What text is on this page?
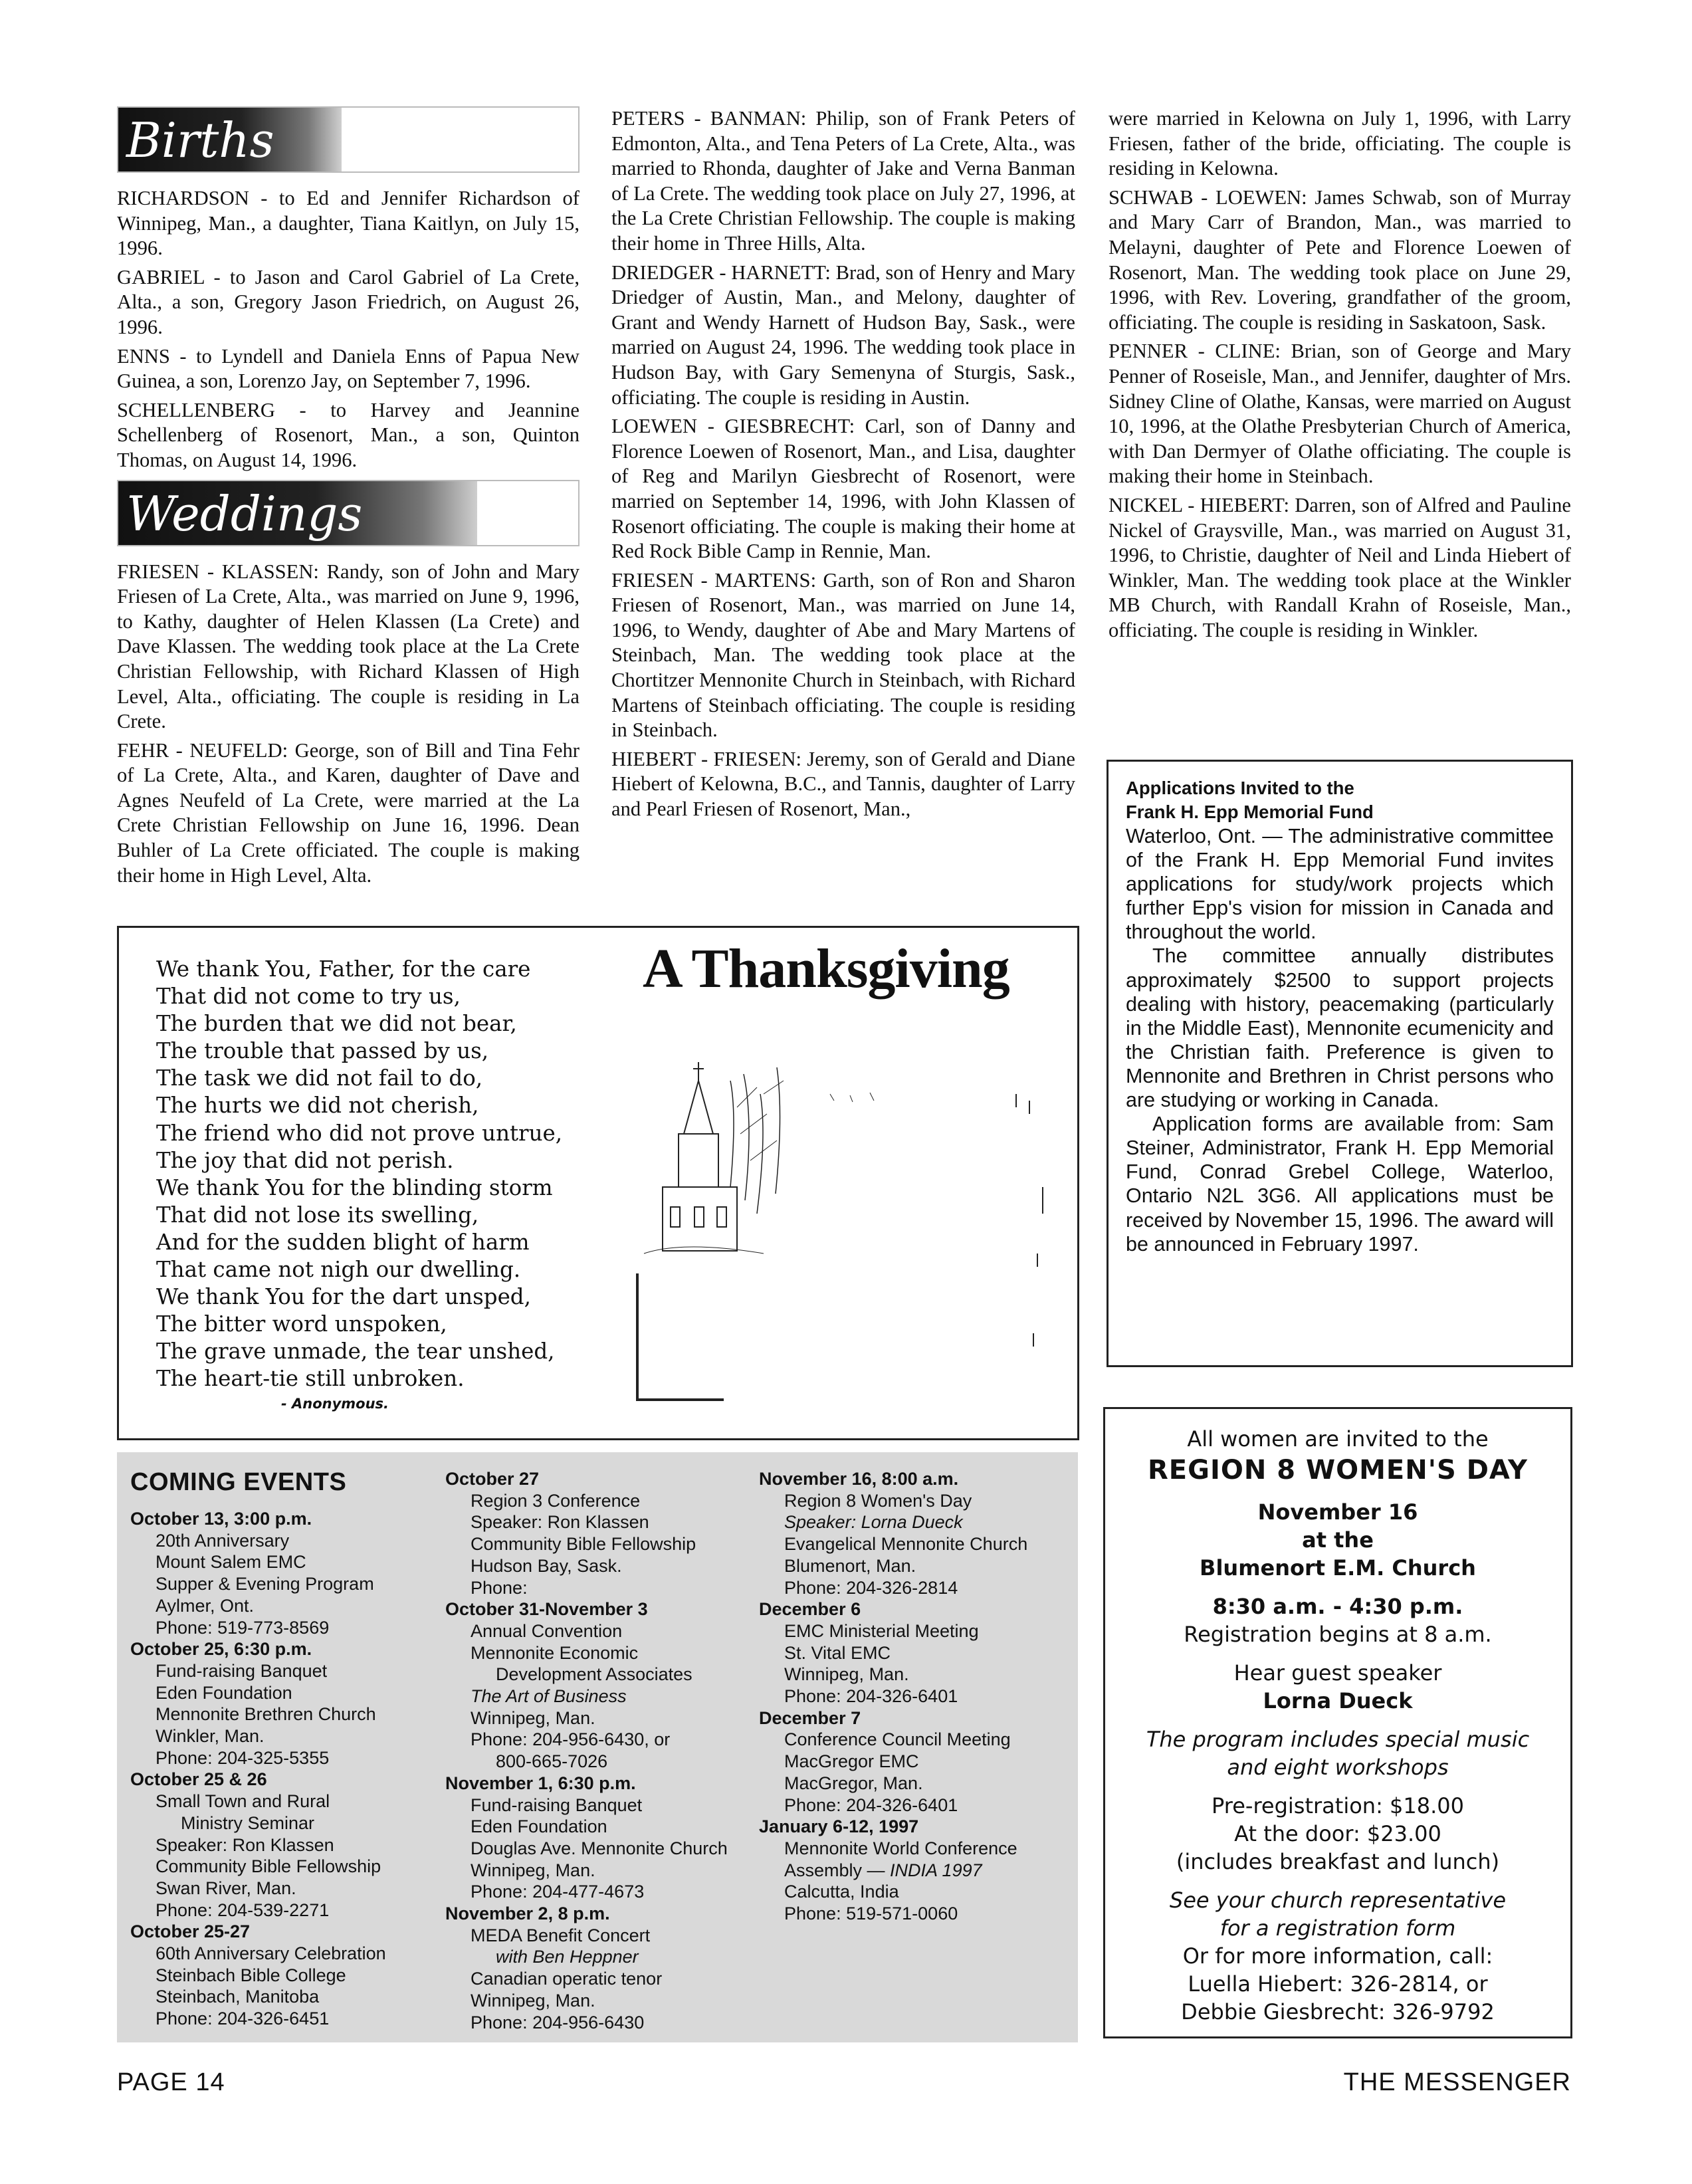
Births

RICHARDSON - to Ed and Jennifer Richardson of Winnipeg, Man., a daughter, Tiana Kaitlyn, on July 15, 1996.

GABRIEL - to Jason and Carol Gabriel of La Crete, Alta., a son, Gregory Jason Friedrich, on August 26, 1996.

ENNS - to Lyndell and Daniela Enns of Papua New Guinea, a son, Lorenzo Jay, on September 7, 1996.

SCHELLENBERG - to Harvey and Jeannine Schellenberg of Rosenort, Man., a son, Quinton Thomas, on August 14, 1996.

Weddings

FRIESEN - KLASSEN: Randy, son of John and Mary Friesen of La Crete, Alta., was married on June 9, 1996, to Kathy, daughter of Helen Klassen (La Crete) and Dave Klassen. The wedding took place at the La Crete Christian Fellowship, with Richard Klassen of High Level, Alta., officiating. The couple is residing in La Crete.

FEHR - NEUFELD: George, son of Bill and Tina Fehr of La Crete, Alta., and Karen, daughter of Dave and Agnes Neufeld of La Crete, were married at the La Crete Christian Fellowship on June 16, 1996. Dean Buhler of La Crete officiated. The couple is making their home in High Level, Alta.

PETERS - BANMAN: Philip, son of Frank Peters of Edmonton, Alta., and Tena Peters of La Crete, Alta., was married to Rhonda, daughter of Jake and Verna Banman of La Crete. The wedding took place on July 27, 1996, at the La Crete Christian Fellowship. The couple is making their home in Three Hills, Alta.

DRIEDGER - HARNETT: Brad, son of Henry and Mary Driedger of Austin, Man., and Melony, daughter of Grant and Wendy Harnett of Hudson Bay, Sask., were married on August 24, 1996. The wedding took place in Hudson Bay, with Gary Semenyna of Sturgis, Sask., officiating. The couple is residing in Austin.

LOEWEN - GIESBRECHT: Carl, son of Danny and Florence Loewen of Rosenort, Man., and Lisa, daughter of Reg and Marilyn Giesbrecht of Rosenort, were married on September 14, 1996, with John Klassen of Rosenort officiating. The couple is making their home at Red Rock Bible Camp in Rennie, Man.

FRIESEN - MARTENS: Garth, son of Ron and Sharon Friesen of Rosenort, Man., was married on June 14, 1996, to Wendy, daughter of Abe and Mary Martens of Steinbach, Man. The wedding took place at the Chortitzer Mennonite Church in Steinbach, with Richard Martens of Steinbach officiating. The couple is residing in Steinbach.

HIEBERT - FRIESEN: Jeremy, son of Gerald and Diane Hiebert of Kelowna, B.C., and Tannis, daughter of Larry and Pearl Friesen of Rosenort, Man.,

were married in Kelowna on July 1, 1996, with Larry Friesen, father of the bride, officiating. The couple is residing in Kelowna.

SCHWAB - LOEWEN: James Schwab, son of Murray and Mary Carr of Brandon, Man., was married to Melayni, daughter of Pete and Florence Loewen of Rosenort, Man. The wedding took place on June 29, 1996, with Rev. Lovering, grandfather of the groom, officiating. The couple is residing in Saskatoon, Sask.

PENNER - CLINE: Brian, son of George and Mary Penner of Roseisle, Man., and Jennifer, daughter of Mrs. Sidney Cline of Olathe, Kansas, were married on August 10, 1996, at the Olathe Presbyterian Church of America, with Dan Dermyer of Olathe officiating. The couple is making their home in Steinbach.

NICKEL - HIEBERT: Darren, son of Alfred and Pauline Nickel of Graysville, Man., was married on August 31, 1996, to Christie, daughter of Neil and Linda Hiebert of Winkler, Man. The wedding took place at the Winkler MB Church, with Randall Krahn of Roseisle, Man., officiating. The couple is residing in Winkler.

We thank You, Father, for the care
That did not come to try us,
The burden that we did not bear,
The trouble that passed by us,
The task we did not fail to do,
The hurts we did not cherish,
The friend who did not prove untrue,
The joy that did not perish.
We thank You for the blinding storm
That did not lose its swelling,
And for the sudden blight of harm
That came not nigh our dwelling.
We thank You for the dart unsped,
The bitter word unspoken,
The grave unmade, the tear unshed,
The heart-tie still unbroken.
- Anonymous.
A Thanksgiving
Applications Invited to the
Frank H. Epp Memorial Fund

Waterloo, Ont. — The administrative committee of the Frank H. Epp Memorial Fund invites applications for study/work projects which further Epp's vision for mission in Canada and throughout the world.

The committee annually distributes approximately $2500 to support projects dealing with history, peacemaking (particularly in the Middle East), Mennonite ecumenicity and the Christian faith. Preference is given to Mennonite and Brethren in Christ persons who are studying or working in Canada.

Application forms are available from: Sam Steiner, Administrator, Frank H. Epp Memorial Fund, Conrad Grebel College, Waterloo, Ontario N2L 3G6. All applications must be received by November 15, 1996. The award will be announced in February 1997.

COMING EVENTS
October 13, 3:00 p.m.
20th Anniversary
Mount Salem EMC
Supper & Evening Program
Aylmer, Ont.
Phone: 519-773-8569
October 25, 6:30 p.m.
Fund-raising Banquet
Eden Foundation
Mennonite Brethren Church
Winkler, Man.
Phone: 204-325-5355
October 25 & 26
Small Town and Rural
Ministry Seminar
Speaker: Ron Klassen
Community Bible Fellowship
Swan River, Man.
Phone: 204-539-2271
October 25-27
60th Anniversary Celebration
Steinbach Bible College
Steinbach, Manitoba
Phone: 204-326-6451
October 27
Region 3 Conference
Speaker: Ron Klassen
Community Bible Fellowship
Hudson Bay, Sask.
Phone:
October 31-November 3
Annual Convention
Mennonite Economic
Development Associates
The Art of Business
Winnipeg, Man.
Phone: 204-956-6430, or
800-665-7026
November 1, 6:30 p.m.
Fund-raising Banquet
Eden Foundation
Douglas Ave. Mennonite Church
Winnipeg, Man.
Phone: 204-477-4673
November 2, 8 p.m.
MEDA Benefit Concert
with Ben Heppner
Canadian operatic tenor
Winnipeg, Man.
Phone: 204-956-6430
November 16, 8:00 a.m.
Region 8 Women's Day
Speaker: Lorna Dueck
Evangelical Mennonite Church
Blumenort, Man.
Phone: 204-326-2814
December 6
EMC Ministerial Meeting
St. Vital EMC
Winnipeg, Man.
Phone: 204-326-6401
December 7
Conference Council Meeting
MacGregor EMC
MacGregor, Man.
Phone: 204-326-6401
January 6-12, 1997
Mennonite World Conference
Assembly — INDIA 1997
Calcutta, India
Phone: 519-571-0060
All women are invited to the
REGION 8 WOMEN'S DAY
November 16
at the
Blumenort E.M. Church
8:30 a.m. - 4:30 p.m.
Registration begins at 8 a.m.
Hear guest speaker
Lorna Dueck
The program includes special music
and eight workshops
Pre-registration: $18.00
At the door: $23.00
(includes breakfast and lunch)
See your church representative
for a registration form
Or for more information, call:
Luella Hiebert: 326-2814, or
Debbie Giesbrecht: 326-9792
PAGE 14	THE MESSENGER
